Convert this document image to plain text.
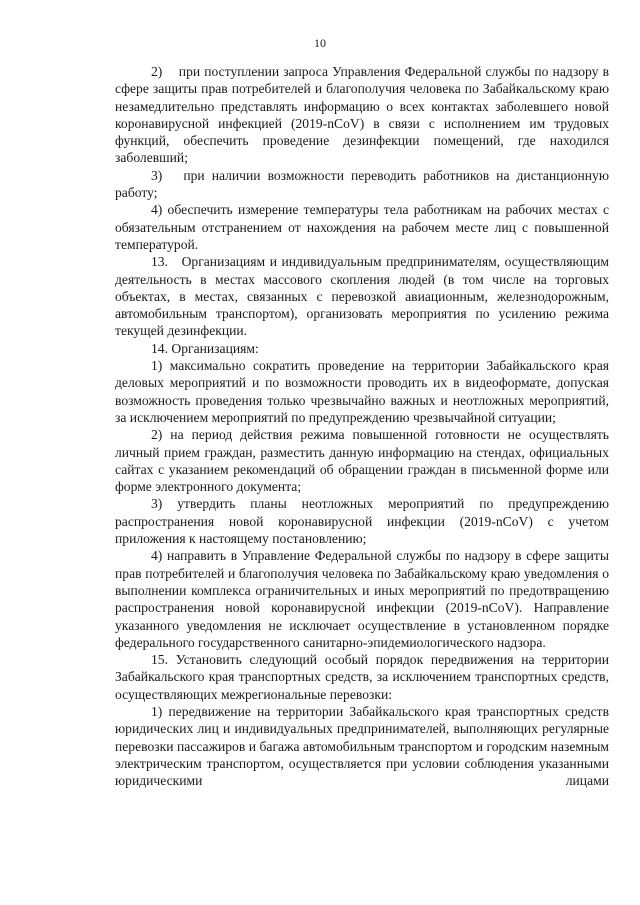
10

2)    при поступлении запроса Управления Федеральной службы по надзору в сфере защиты прав потребителей и благополучия человека по Забайкальскому краю незамедлительно представлять информацию о всех контактах заболевшего новой коронавирусной инфекцией (2019-nCoV) в связи с исполнением им трудовых функций, обеспечить проведение дезинфекции помещений, где находился заболевший;

3)   при наличии возможности переводить работников на дистанционную работу;

4) обеспечить измерение температуры тела работникам на рабочих местах с обязательным отстранением от нахождения на рабочем месте лиц с повышенной температурой.

13.   Организациям и индивидуальным предпринимателям, осуществляющим деятельность в местах массового скопления людей (в том числе на торговых объектах, в местах, связанных с перевозкой авиационным, железнодорожным, автомобильным транспортом), организовать мероприятия по усилению режима текущей дезинфекции.

14. Организациям:

1) максимально сократить проведение на территории Забайкальского края деловых мероприятий и по возможности проводить их в видеоформате, допуская возможность проведения только чрезвычайно важных и неотложных мероприятий, за исключением мероприятий по предупреждению чрезвычайной ситуации;

2) на период действия режима повышенной готовности не осуществлять личный прием граждан, разместить данную информацию на стендах, официальных сайтах с указанием рекомендаций об обращении граждан в письменной форме или форме электронного документа;

3) утвердить планы неотложных мероприятий по предупреждению распространения новой коронавирусной инфекции (2019-nCoV) с учетом приложения к настоящему постановлению;

4) направить в Управление Федеральной службы по надзору в сфере защиты прав потребителей и благополучия человека по Забайкальскому краю уведомления о выполнении комплекса ограничительных и иных мероприятий по предотвращению распространения новой коронавирусной инфекции (2019-nCoV). Направление указанного уведомления не исключает осуществление в установленном порядке федерального государственного санитарно-эпидемиологического надзора.

15. Установить следующий особый порядок передвижения на территории Забайкальского края транспортных средств, за исключением транспортных средств, осуществляющих межрегиональные перевозки:

1) передвижение на территории Забайкальского края транспортных средств юридических лиц и индивидуальных предпринимателей, выполняющих регулярные перевозки пассажиров и багажа автомобильным транспортом и городским наземным электрическим транспортом, осуществляется при условии соблюдения указанными юридическими лицами
